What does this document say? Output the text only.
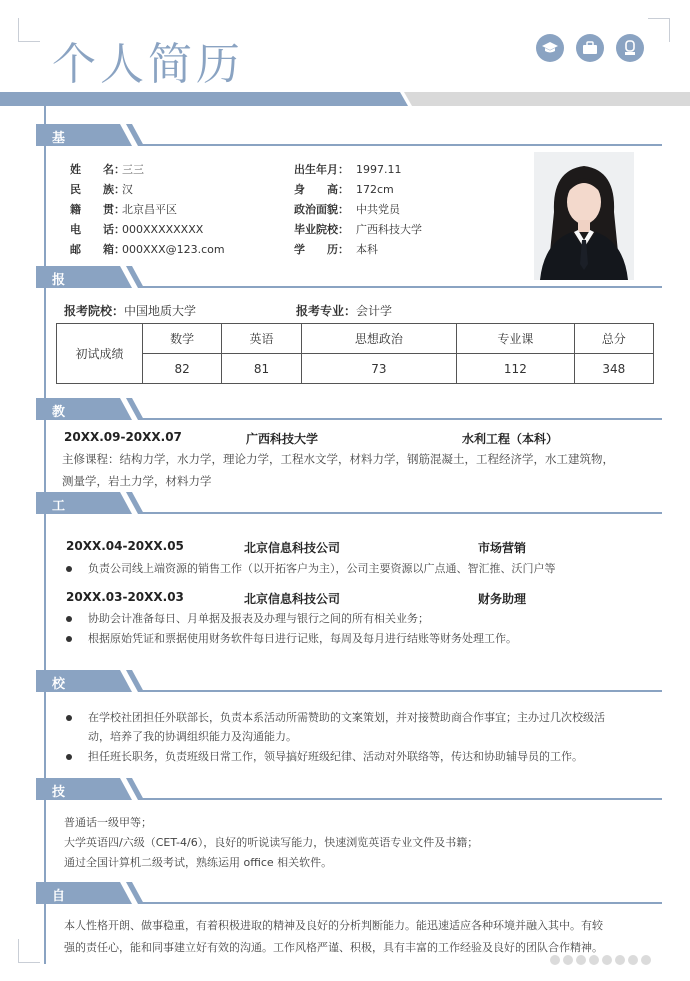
个人简历
基本信息
姓　　名：三三
民　　族：汉
籍　　贯：北京昌平区
电　　话：000XXXXXXXX
邮　　箱：000XXX@123.com
出生年月： 1997.11
身　　高： 172cm
政治面貌： 中共党员
毕业院校： 广西科技大学
学　　历： 本科
报考信息
报考院校：中国地质大学	报考专业：会计学
初试成绩	数学	英语	思想政治	专业课	总分
	82	81	73	112	348
教育背景
20XX.09-20XX.07	广西科技大学	水利工程（本科）
主修课程：结构力学，水力学，理论力学，工程水文学，材料力学，钢筋混凝土，工程经济学，水工建筑物，
测量学，岩土力学，材料力学
工作经验
20XX.04-20XX.05	北京信息科技公司	市场营销
负责公司线上端资源的销售工作（以开拓客户为主），公司主要资源以广点通、智汇推、沃门户等
20XX.03-20XX.03	北京信息科技公司	财务助理
协助会计准备每日、月单据及报表及办理与银行之间的所有相关业务；
根据原始凭证和票据使用财务软件每日进行记账，每周及每月进行结账等财务处理工作。
校园经历
在学校社团担任外联部长，负责本系活动所需赞助的文案策划，并对接赞助商合作事宜；主办过几次校级活
动，培养了我的协调组织能力及沟通能力。
担任班长职务，负责班级日常工作，领导搞好班级纪律、活动对外联络等，传达和协助辅导员的工作。
技能证书
普通话一级甲等；
大学英语四/六级（CET-4/6），良好的听说读写能力，快速浏览英语专业文件及书籍；
通过全国计算机二级考试，熟练运用 office 相关软件。
自我评价
本人性格开朗、做事稳重，有着积极进取的精神及良好的分析判断能力。能迅速适应各种环境并融入其中。有较
强的责任心，能和同事建立好有效的沟通。工作风格严谨、积极，具有丰富的工作经验及良好的团队合作精神。
